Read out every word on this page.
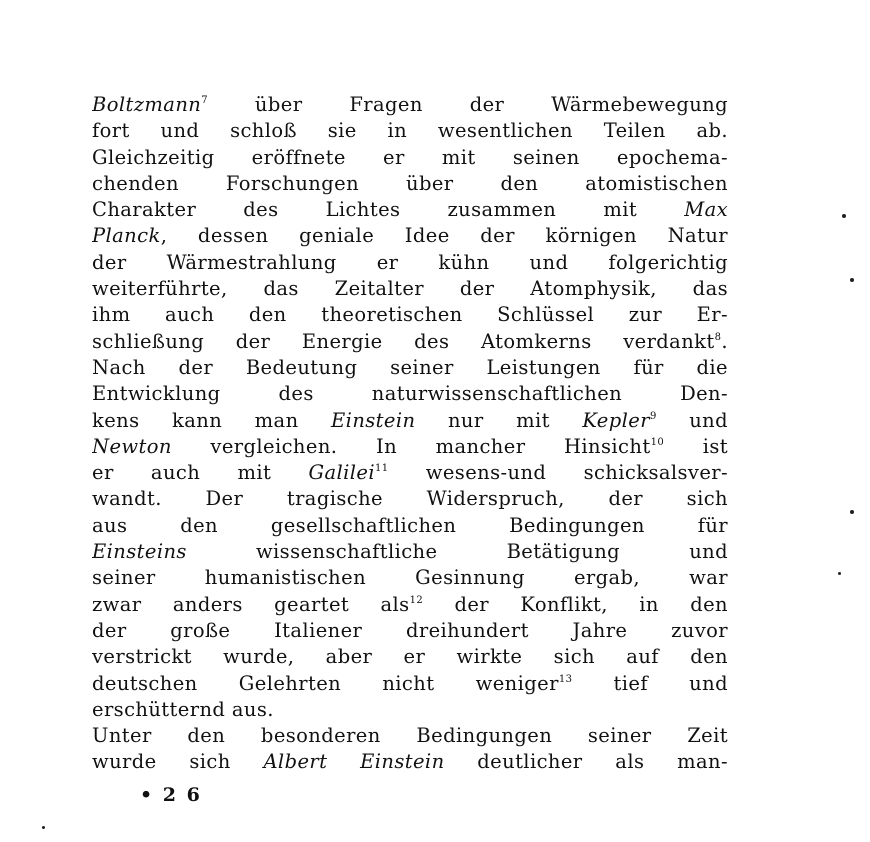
Boltzmann$^7$ über Fragen der Wärmebewegung
fort und schloß sie in wesentlichen Teilen ab.
Gleichzeitig eröffnete er mit seinen epochema-
chenden Forschungen über den atomistischen
Charakter des Lichtes zusammen mit Max
Planck, dessen geniale Idee der körnigen Natur
der Wärmestrahlung er kühn und folgerichtig
weiterführte, das Zeitalter der Atomphysik, das
ihm auch den theoretischen Schlüssel zur Er-
schließung der Energie des Atomkerns verdankt$^8$.
Nach der Bedeutung seiner Leistungen für die
Entwicklung des naturwissenschaftlichen Den-
kens kann man Einstein nur mit Kepler$^9$ und
Newton vergleichen. In mancher Hinsicht$^{10}$ ist
er auch mit Galilei$^{11}$ wesens-und schicksalsver-
wandt. Der tragische Widerspruch, der sich
aus den gesellschaftlichen Bedingungen für
Einsteins wissenschaftliche Betätigung und
seiner humanistischen Gesinnung ergab, war
zwar anders geartet als$^{12}$ der Konflikt, in den
der große Italiener dreihundert Jahre zuvor
verstrickt wurde, aber er wirkte sich auf den
deutschen Gelehrten nicht weniger$^{13}$ tief und
erschütternd aus.
Unter den besonderen Bedingungen seiner Zeit
wurde sich Albert Einstein deutlicher als man-
• 2 6
